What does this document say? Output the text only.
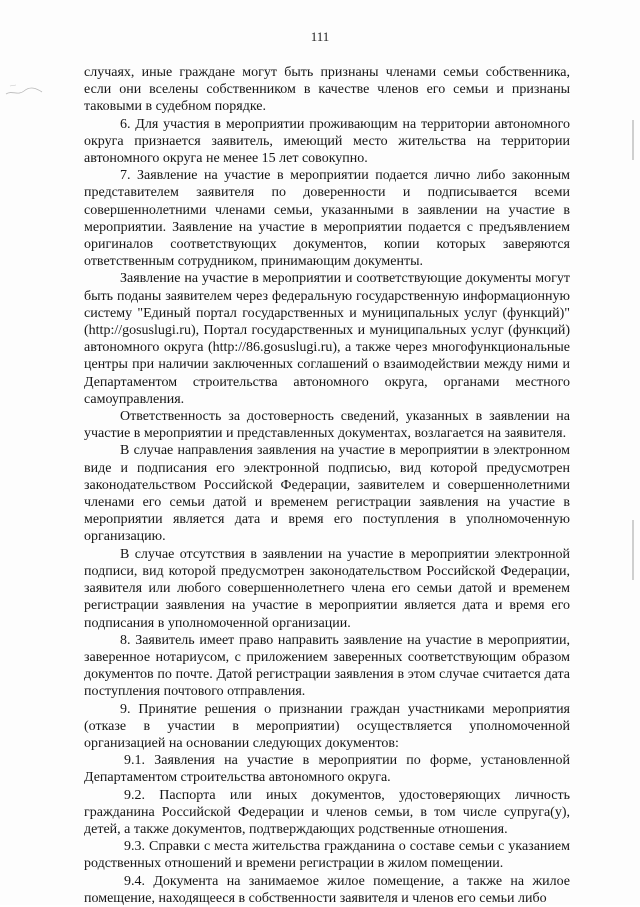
111

случаях, иные граждане могут быть признаны членами семьи собственника, если они вселены собственником в качестве членов его семьи и признаны таковыми в судебном порядке.

6. Для участия в мероприятии проживающим на территории автономного округа признается заявитель, имеющий место жительства на территории автономного округа не менее 15 лет совокупно.

7. Заявление на участие в мероприятии подается лично либо законным представителем заявителя по доверенности и подписывается всеми совершеннолетними членами семьи, указанными в заявлении на участие в мероприятии. Заявление на участие в мероприятии подается с предъявлением оригиналов соответствующих документов, копии которых заверяются ответственным сотрудником, принимающим документы.

Заявление на участие в мероприятии и соответствующие документы могут быть поданы заявителем через федеральную государственную информационную систему "Единый портал государственных и муниципальных услуг (функций)" (http://gosuslugi.ru), Портал государственных и муниципальных услуг (функций) автономного округа (http://86.gosuslugi.ru), а также через многофункциональные центры при наличии заключенных соглашений о взаимодействии между ними и Департаментом строительства автономного округа, органами местного самоуправления.

Ответственность за достоверность сведений, указанных в заявлении на участие в мероприятии и представленных документах, возлагается на заявителя.

В случае направления заявления на участие в мероприятии в электронном виде и подписания его электронной подписью, вид которой предусмотрен законодательством Российской Федерации, заявителем и совершеннолетними членами его семьи датой и временем регистрации заявления на участие в мероприятии является дата и время его поступления в уполномоченную организацию.

В случае отсутствия в заявлении на участие в мероприятии электронной подписи, вид которой предусмотрен законодательством Российской Федерации, заявителя или любого совершеннолетнего члена его семьи датой и временем регистрации заявления на участие в мероприятии является дата и время его подписания в уполномоченной организации.

8. Заявитель имеет право направить заявление на участие в мероприятии, заверенное нотариусом, с приложением заверенных соответствующим образом документов по почте. Датой регистрации заявления в этом случае считается дата поступления почтового отправления.

9. Принятие решения о признании граждан участниками мероприятия (отказе в участии в мероприятии) осуществляется уполномоченной организацией на основании следующих документов:

9.1. Заявления на участие в мероприятии по форме, установленной Департаментом строительства автономного округа.

9.2. Паспорта или иных документов, удостоверяющих личность гражданина Российской Федерации и членов семьи, в том числе супруга(у), детей, а также документов, подтверждающих родственные отношения.

9.3. Справки с места жительства гражданина о составе семьи с указанием родственных отношений и времени регистрации в жилом помещении.

9.4. Документа на занимаемое жилое помещение, а также на жилое помещение, находящееся в собственности заявителя и членов его семьи либо
